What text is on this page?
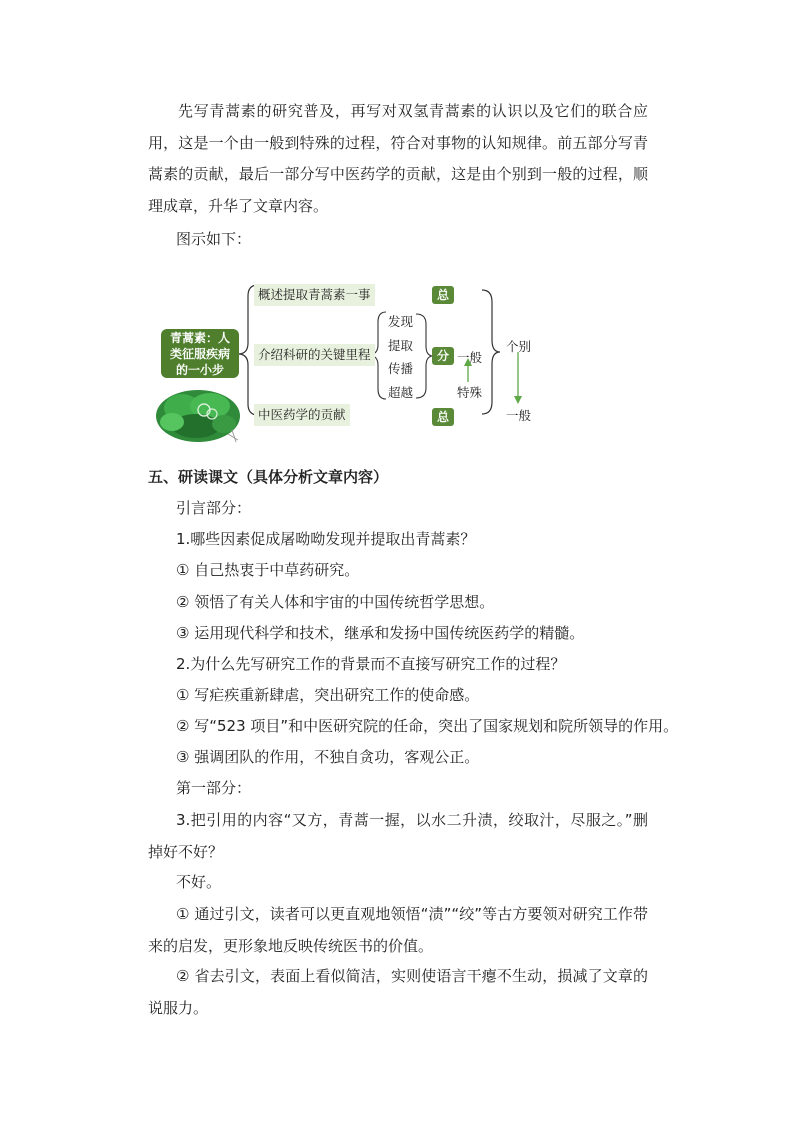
先写青蒿素的研究普及，再写对双氢青蒿素的认识以及它们的联合应用，这是一个由一般到特殊的过程，符合对事物的认知规律。前五部分写青蒿素的贡献，最后一部分写中医药学的贡献，这是由个别到一般的过程，顺理成章，升华了文章内容。
图示如下：
青蒿素：人
类征服疾病
的一小步
概述提取青蒿素一事
介绍科研的关键里程
中医药学的贡献
发现
提取
传播
超越
总
分
总
一般
特殊
个别
一般
五、研读课文（具体分析文章内容）
引言部分：
1.哪些因素促成屠呦呦发现并提取出青蒿素？
① 自己热衷于中草药研究。
② 领悟了有关人体和宇宙的中国传统哲学思想。
③ 运用现代科学和技术，继承和发扬中国传统医药学的精髓。
2.为什么先写研究工作的背景而不直接写研究工作的过程？
① 写疟疾重新肆虐，突出研究工作的使命感。
② 写“523 项目”和中医研究院的任命，突出了国家规划和院所领导的作用。
③ 强调团队的作用，不独自贪功，客观公正。
第一部分：
3.把引用的内容“又方，青蒿一握，以水二升渍，绞取汁，尽服之。”删掉好不好？
不好。
① 通过引文，读者可以更直观地领悟“渍”“绞”等古方要领对研究工作带来的启发，更形象地反映传统医书的价值。
② 省去引文，表面上看似简洁，实则使语言干瘪不生动，损减了文章的说服力。
